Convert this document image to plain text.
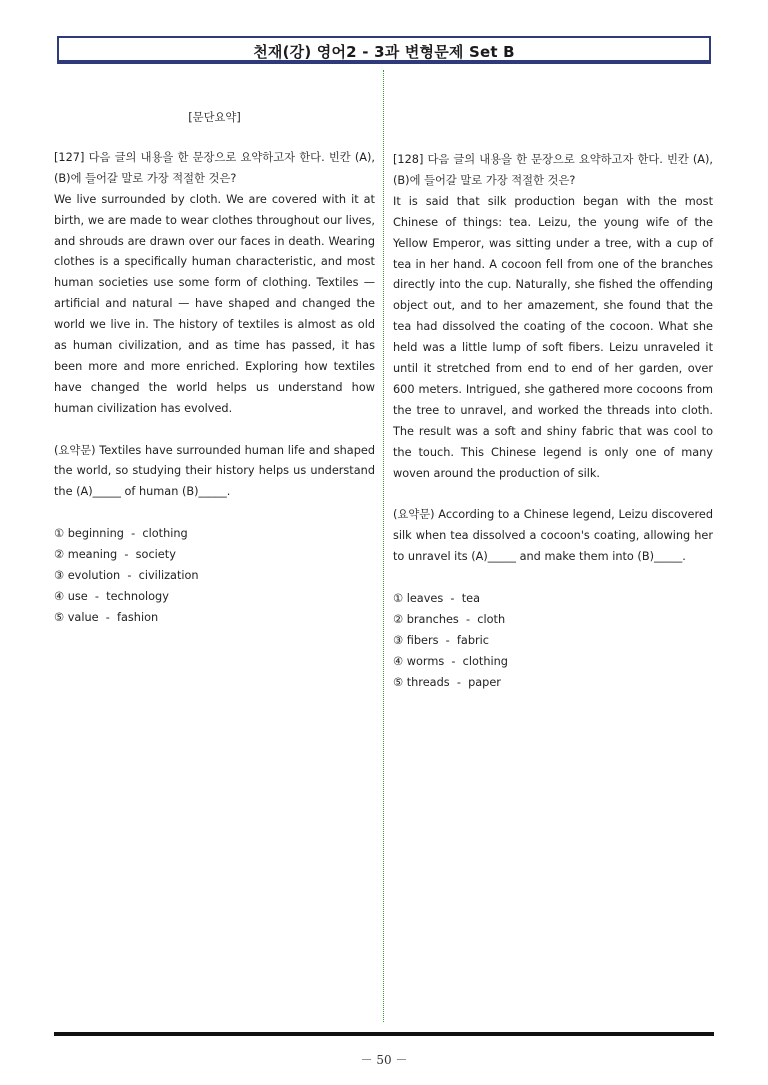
천재(강) 영어2 - 3과 변형문제 Set B
[문단요약]

[127] 다음 글의 내용을 한 문장으로 요약하고자 한다. 빈칸 (A),(B)에 들어갈 말로 가장 적절한 것은?

We live surrounded by cloth. We are covered with it at birth, we are made to wear clothes throughout our lives, and shrouds are drawn over our faces in death. Wearing clothes is a specifically human characteristic, and most human societies use some form of clothing. Textiles — artificial and natural — have shaped and changed the world we live in. The history of textiles is almost as old as human civilization, and as time has passed, it has been more and more enriched. Exploring how textiles have changed the world helps us understand how human civilization has evolved.

(요약문) Textiles have surrounded human life and shaped the world, so studying their history helps us understand the (A)_____ of human (B)_____.

① beginning  -  clothing
② meaning  -  society
③ evolution  -  civilization
④ use  -  technology
⑤ value  -  fashion

[128] 다음 글의 내용을 한 문장으로 요약하고자 한다. 빈칸 (A),(B)에 들어갈 말로 가장 적절한 것은?

It is said that silk production began with the most Chinese of things: tea. Leizu, the young wife of the Yellow Emperor, was sitting under a tree, with a cup of tea in her hand. A cocoon fell from one of the branches directly into the cup. Naturally, she fished the offending object out, and to her amazement, she found that the tea had dissolved the coating of the cocoon. What she held was a little lump of soft fibers. Leizu unraveled it until it stretched from end to end of her garden, over 600 meters. Intrigued, she gathered more cocoons from the tree to unravel, and worked the threads into cloth. The result was a soft and shiny fabric that was cool to the touch. This Chinese legend is only one of many woven around the production of silk.

(요약문) According to a Chinese legend, Leizu discovered silk when tea dissolved a cocoon's coating, allowing her to unravel its (A)_____ and make them into (B)_____.

① leaves  -  tea
② branches  -  cloth
③ fibers  -  fabric
④ worms  -  clothing
⑤ threads  -  paper
－ 50 －
